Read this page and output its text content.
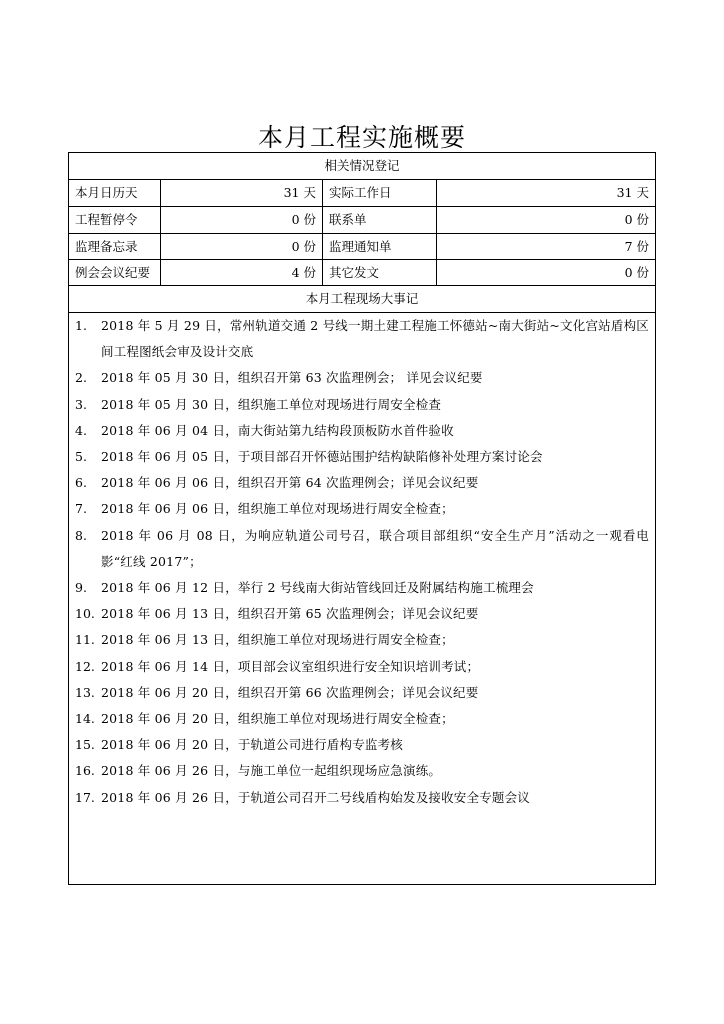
本月工程实施概要
相关情况登记
本月日历天	31 天	实际工作日	31 天
工程暂停令	0 份	联系单	0 份
监理备忘录	0 份	监理通知单	7 份
例会会议纪要	4 份	其它发文	0 份
本月工程现场大事记
1.	2018 年 5 月 29 日，常州轨道交通 2 号线一期土建工程施工怀德站~南大街站~文化宫站盾构区间工程图纸会审及设计交底
2.	2018 年 05 月 30 日，组织召开第 63 次监理例会； 详见会议纪要
3.	2018 年 05 月 30 日，组织施工单位对现场进行周安全检查
4.	2018 年 06 月 04 日，南大街站第九结构段顶板防水首件验收
5.	2018 年 06 月 05 日，于项目部召开怀德站围护结构缺陷修补处理方案讨论会
6.	2018 年 06 月 06 日，组织召开第 64 次监理例会；详见会议纪要
7.	2018 年 06 月 06 日，组织施工单位对现场进行周安全检查；
8.	2018 年 06 月 08 日，为响应轨道公司号召，联合项目部组织“安全生产月”活动之一观看电影“红线 2017”；
9.	2018 年 06 月 12 日，举行 2 号线南大街站管线回迁及附属结构施工梳理会
10. 2018 年 06 月 13 日，组织召开第 65 次监理例会；详见会议纪要
11. 2018 年 06 月 13 日，组织施工单位对现场进行周安全检查；
12. 2018 年 06 月 14 日，项目部会议室组织进行安全知识培训考试；
13. 2018 年 06 月 20 日，组织召开第 66 次监理例会；详见会议纪要
14. 2018 年 06 月 20 日，组织施工单位对现场进行周安全检查；
15. 2018 年 06 月 20 日，于轨道公司进行盾构专监考核
16. 2018 年 06 月 26 日，与施工单位一起组织现场应急演练。
17. 2018 年 06 月 26 日，于轨道公司召开二号线盾构始发及接收安全专题会议
